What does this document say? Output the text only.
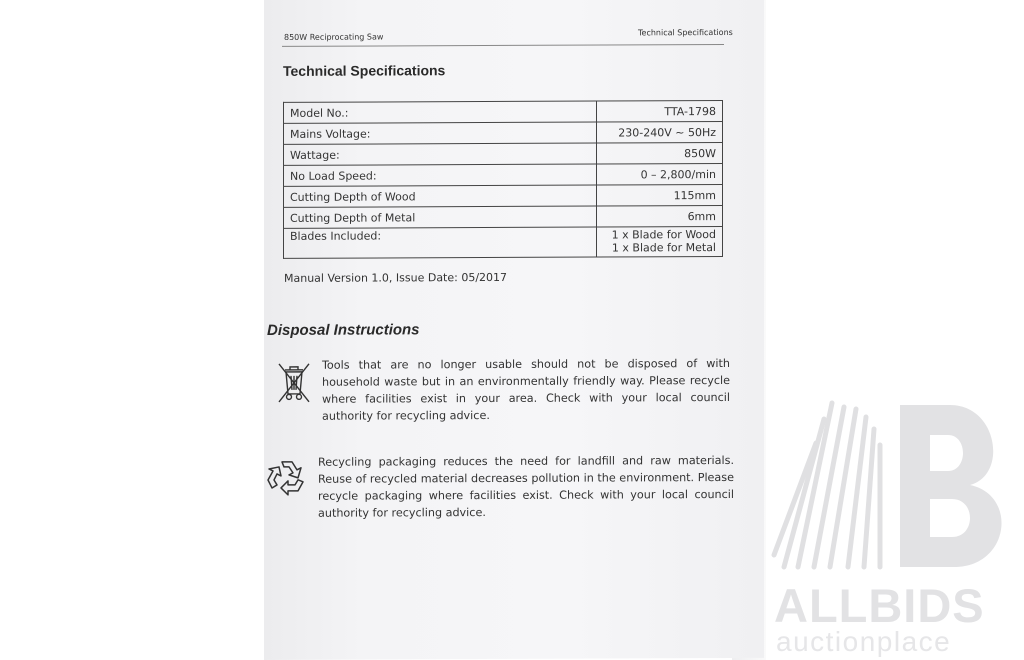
850W Reciprocating Saw	Technical Specifications
Technical Specifications
Model No.:	TTA-1798
Mains Voltage:	230-240V ~ 50Hz
Wattage:	850W
No Load Speed:	0 – 2,800/min
Cutting Depth of Wood	115mm
Cutting Depth of Metal	6mm
Blades Included:	1 x Blade for Wood
1 x Blade for Metal
Manual Version 1.0, Issue Date: 05/2017
Disposal Instructions
Tools that are no longer usable should not be disposed of with household waste but in an environmentally friendly way. Please recycle where facilities exist in your area. Check with your local council authority for recycling advice.
Recycling packaging reduces the need for landfill and raw materials. Reuse of recycled material decreases pollution in the environment. Please recycle packaging where facilities exist. Check with your local council authority for recycling advice.
ALLBIDS
auctionplace
